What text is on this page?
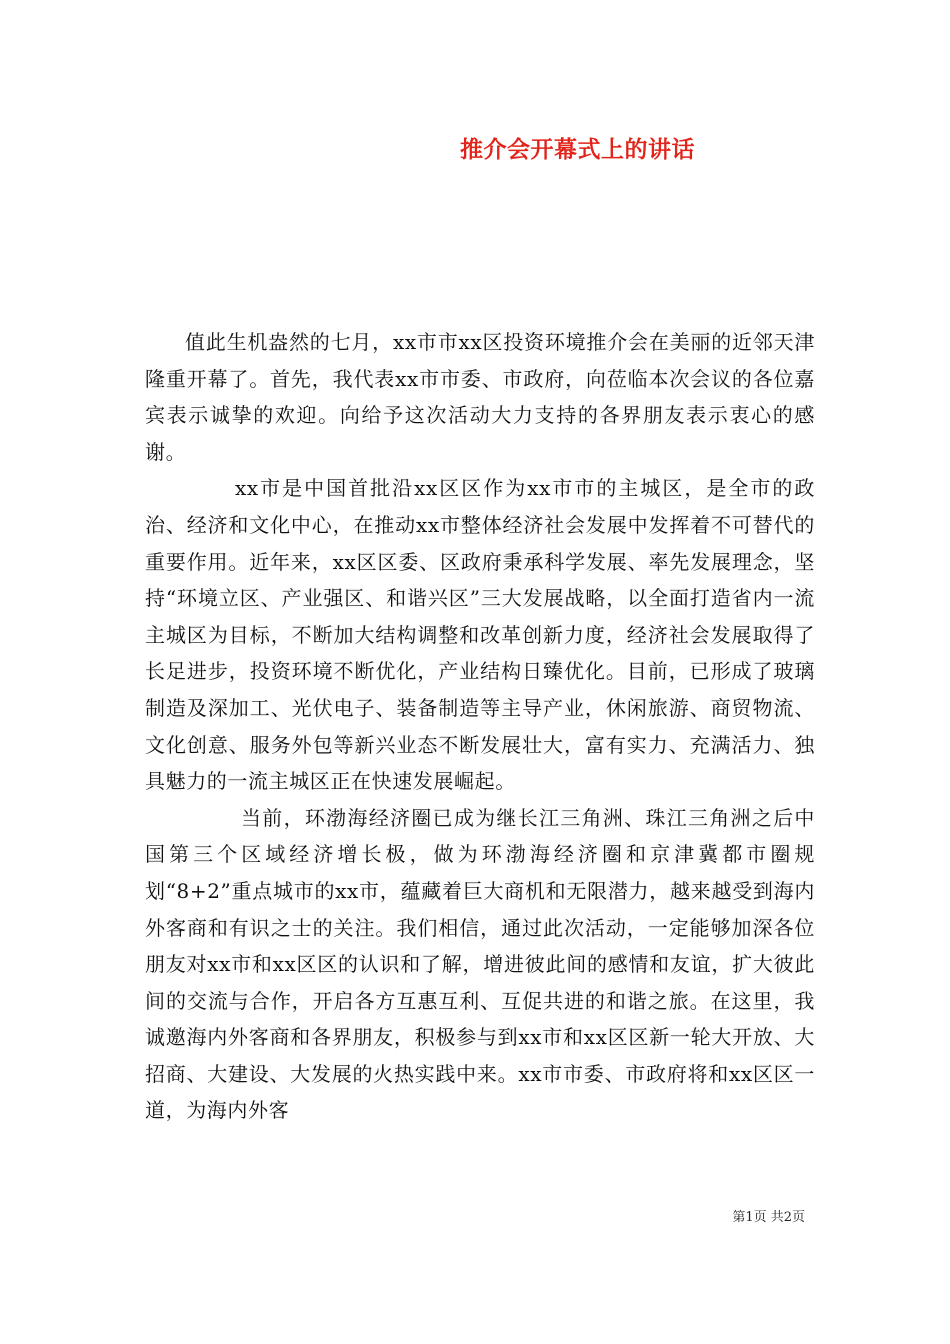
推介会开幕式上的讲话

值此生机盎然的七月，xx市市xx区投资环境推介会在美丽的近邻天津隆重开幕了。首先，我代表xx市市委、市政府，向莅临本次会议的各位嘉宾表示诚挚的欢迎。向给予这次活动大力支持的各界朋友表示衷心的感谢。

xx市是中国首批沿xx区区作为xx市市的主城区，是全市的政治、经济和文化中心，在推动xx市整体经济社会发展中发挥着不可替代的重要作用。近年来，xx区区委、区政府秉承科学发展、率先发展理念，坚持“环境立区、产业强区、和谐兴区”三大发展战略，以全面打造省内一流主城区为目标，不断加大结构调整和改革创新力度，经济社会发展取得了长足进步，投资环境不断优化，产业结构日臻优化。目前，已形成了玻璃制造及深加工、光伏电子、装备制造等主导产业，休闲旅游、商贸物流、文化创意、服务外包等新兴业态不断发展壮大，富有实力、充满活力、独具魅力的一流主城区正在快速发展崛起。

当前，环渤海经济圈已成为继长江三角洲、珠江三角洲之后中国第三个区域经济增长极，做为环渤海经济圈和京津冀都市圈规划“8+2”重点城市的xx市，蕴藏着巨大商机和无限潜力，越来越受到海内外客商和有识之士的关注。我们相信，通过此次活动，一定能够加深各位朋友对xx市和xx区区的认识和了解，增进彼此间的感情和友谊，扩大彼此间的交流与合作，开启各方互惠互利、互促共进的和谐之旅。在这里，我诚邀海内外客商和各界朋友，积极参与到xx市和xx区区新一轮大开放、大招商、大建设、大发展的火热实践中来。xx市市委、市政府将和xx区区一道，为海内外客

第1页 共2页
